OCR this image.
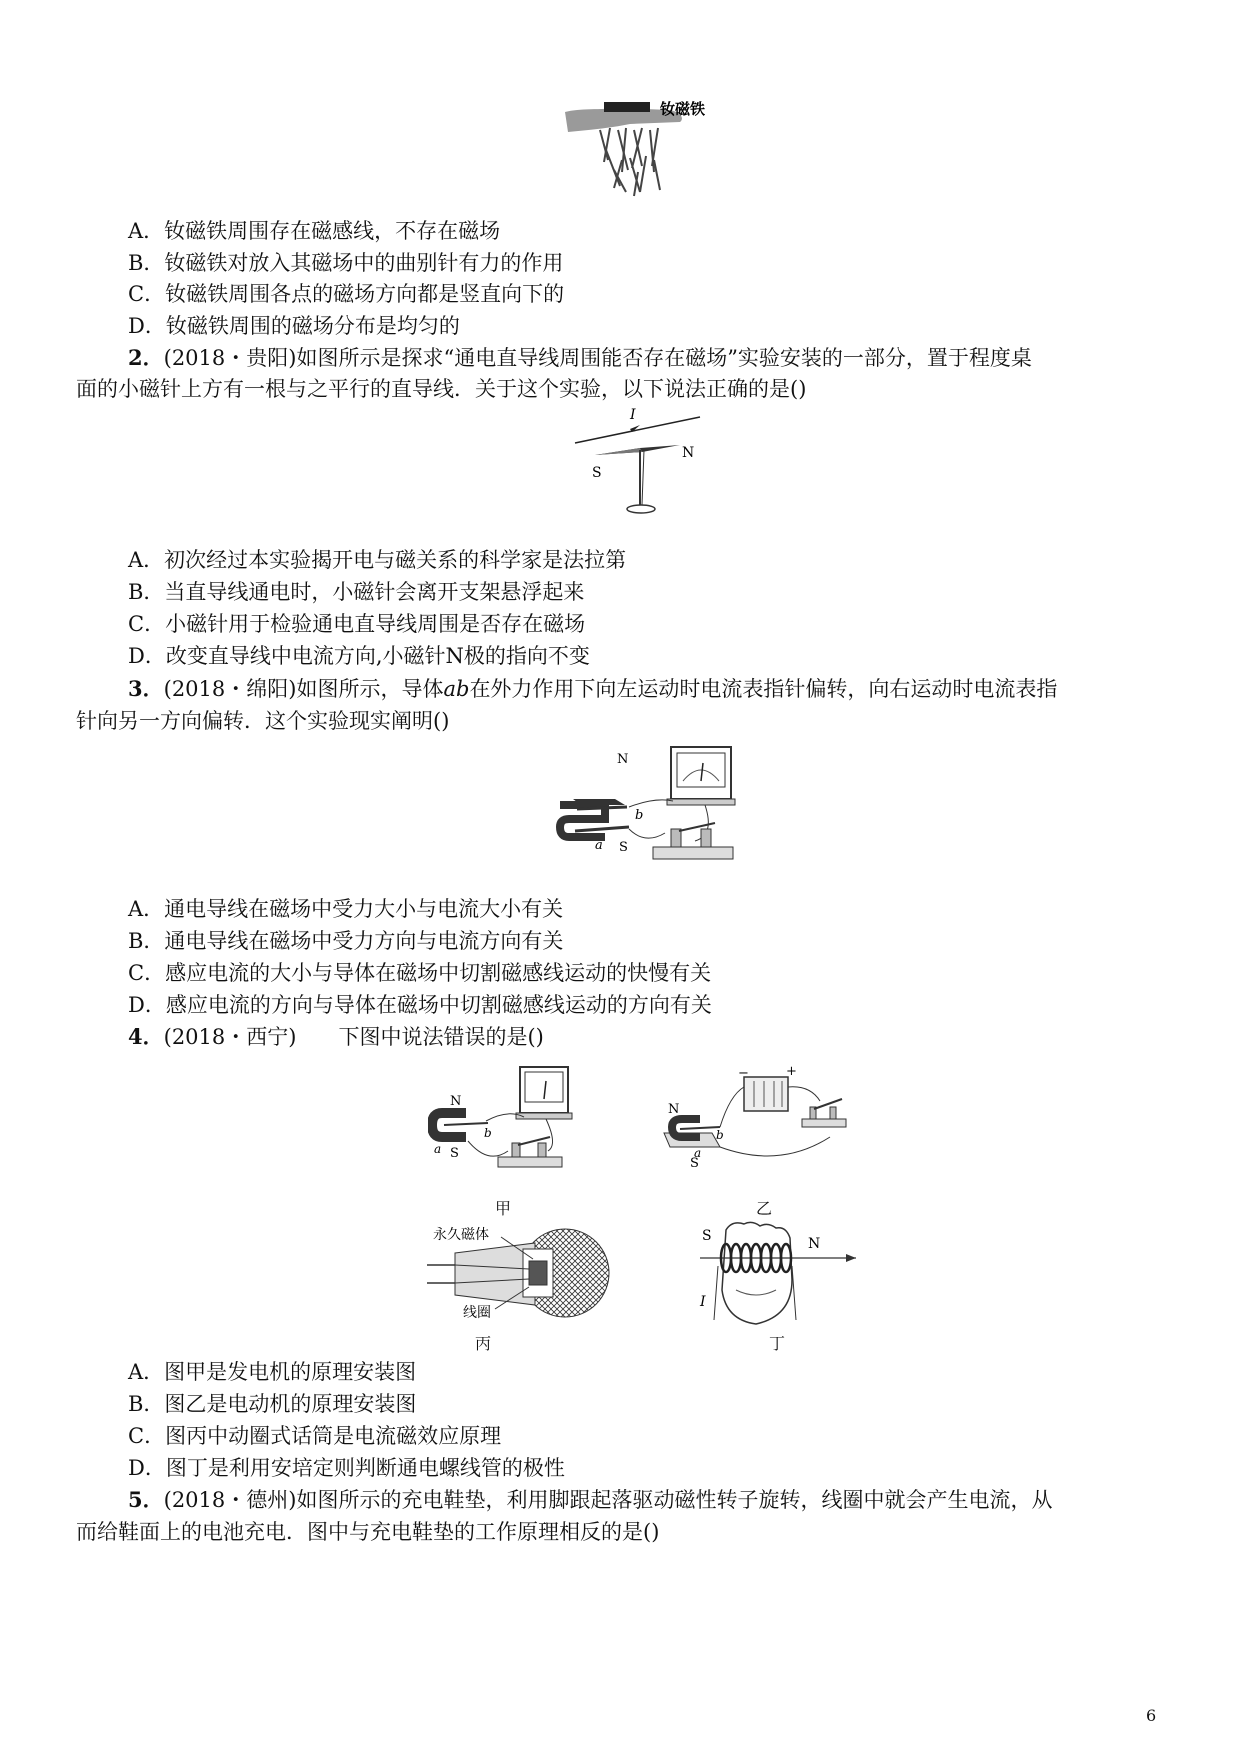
钕磁铁
A．钕磁铁周围存在磁感线，不存在磁场
B．钕磁铁对放入其磁场中的曲别针有力的作用
C．钕磁铁周围各点的磁场方向都是竖直向下的
D．钕磁铁周围的磁场分布是均匀的
2．(2018・贵阳)如图所示是探求“通电直导线周围能否存在磁场”实验安装的一部分，置于程度桌
面的小磁针上方有一根与之平行的直导线．关于这个实验，以下说法正确的是()
I
S
N
A．初次经过本实验揭开电与磁关系的科学家是法拉第
B．当直导线通电时，小磁针会离开支架悬浮起来
C．小磁针用于检验通电直导线周围是否存在磁场
D．改变直导线中电流方向,小磁针N极的指向不变
3．(2018・绵阳)如图所示，导体ab在外力作用下向左运动时电流表指针偏转，向右运动时电流表指
针向另一方向偏转．这个实验现实阐明()
N
S
a
b
A．通电导线在磁场中受力大小与电流大小有关
B．通电导线在磁场中受力方向与电流方向有关
C．感应电流的大小与导体在磁场中切割磁感线运动的快慢有关
D．感应电流的方向与导体在磁场中切割磁感线运动的方向有关
4．(2018・西宁)　　下图中说法错误的是()
N
S
a
b
甲
−	+
N
S
a
b
乙
永久磁体
线圈
丙
S	N
I
丁
A．图甲是发电机的原理安装图
B．图乙是电动机的原理安装图
C．图丙中动圈式话筒是电流磁效应原理
D．图丁是利用安培定则判断通电螺线管的极性
5．(2018・德州)如图所示的充电鞋垫，利用脚跟起落驱动磁性转子旋转，线圈中就会产生电流，从
而给鞋面上的电池充电．图中与充电鞋垫的工作原理相反的是()
6
